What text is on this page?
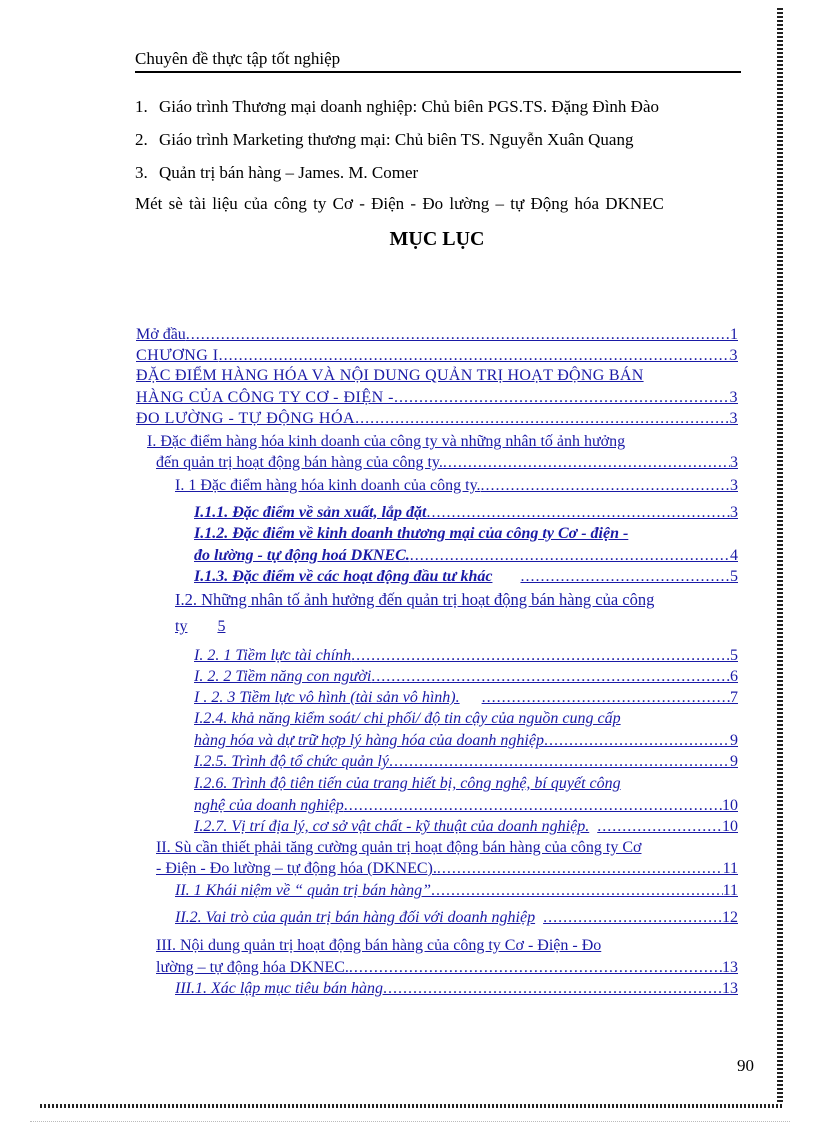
Chuyên đề thực tập tốt nghiệp
1. Giáo trình Thương mại doanh nghiệp: Chủ biên PGS.TS. Đặng Đình Đào
2. Giáo trình Marketing thương mại: Chủ biên TS. Nguyễn Xuân Quang
3. Quản trị bán hàng – James. M. Comer
Mét sè tài liệu của công ty Cơ - Điện - Đo lường – tự Động hóa DKNEC
MỤC LỤC
Mở đầu .....	1
CHƯƠNG I .....	3
ĐẶC ĐIỂM HÀNG HÓA VÀ NỘI DUNG QUẢN TRỊ HOẠT ĐỘNG BÁN
HÀNG CỦA CÔNG TY CƠ - ĐIỆN - .....	3
ĐO LƯỜNG - TỰ ĐỘNG HÓA .....	3
I. Đặc điểm hàng hóa kinh doanh của công ty và những nhân tố ảnh hưởng
đến quản trị hoạt động bán hàng của công ty. .....	3
I. 1 Đặc điểm hàng hóa kinh doanh của công ty. .....	3
I.1.1. Đặc điểm về sản xuất, lắp đặt .....	3
I.1.2. Đặc điểm về kinh doanh thương mại của công ty Cơ - điện -
đo lường - tự động hoá DKNEC. .....	4
I.1.3. Đặc điểm về các hoạt động đầu tư khác .....	5
I.2. Những nhân tố ảnh hưởng đến quản trị hoạt động bán hàng của công
ty 5
I. 2. 1 Tiềm lực tài chính .....	5
I. 2. 2 Tiềm năng con người .....	6
I . 2. 3 Tiềm lực vô hình (tài sản vô hình). .....	7
I.2.4. khả năng kiểm soát/ chi phối/ độ tin cậy của nguồn cung cấp
hàng hóa và dự trữ hợp lý hàng hóa của doanh nghiệp .....	9
I.2.5. Trình độ tổ chức quản lý .....	9
I.2.6. Trình độ tiên tiến của trang hiết bị, công nghệ, bí quyết công
nghệ của doanh nghiệp .....	10
I.2.7. Vị trí địa lý, cơ sở vật chất - kỹ thuật của doanh nghiệp. .....	10
II. Sù cần thiết phải tăng cường quản trị hoạt động bán hàng của công ty Cơ
- Điện - Đo lường – tự động hóa (DKNEC). .....	11
II. 1 Khái niệm về “ quản trị bán hàng” .....	11
II.2. Vai trò của quản trị bán hàng đối với doanh nghiệp .....	12
III. Nội dung quản trị hoạt động bán hàng của công ty Cơ - Điện - Đo
lường – tự động hóa DKNEC. .....	13
III.1. Xác lập mục tiêu bán hàng .....	13
90
